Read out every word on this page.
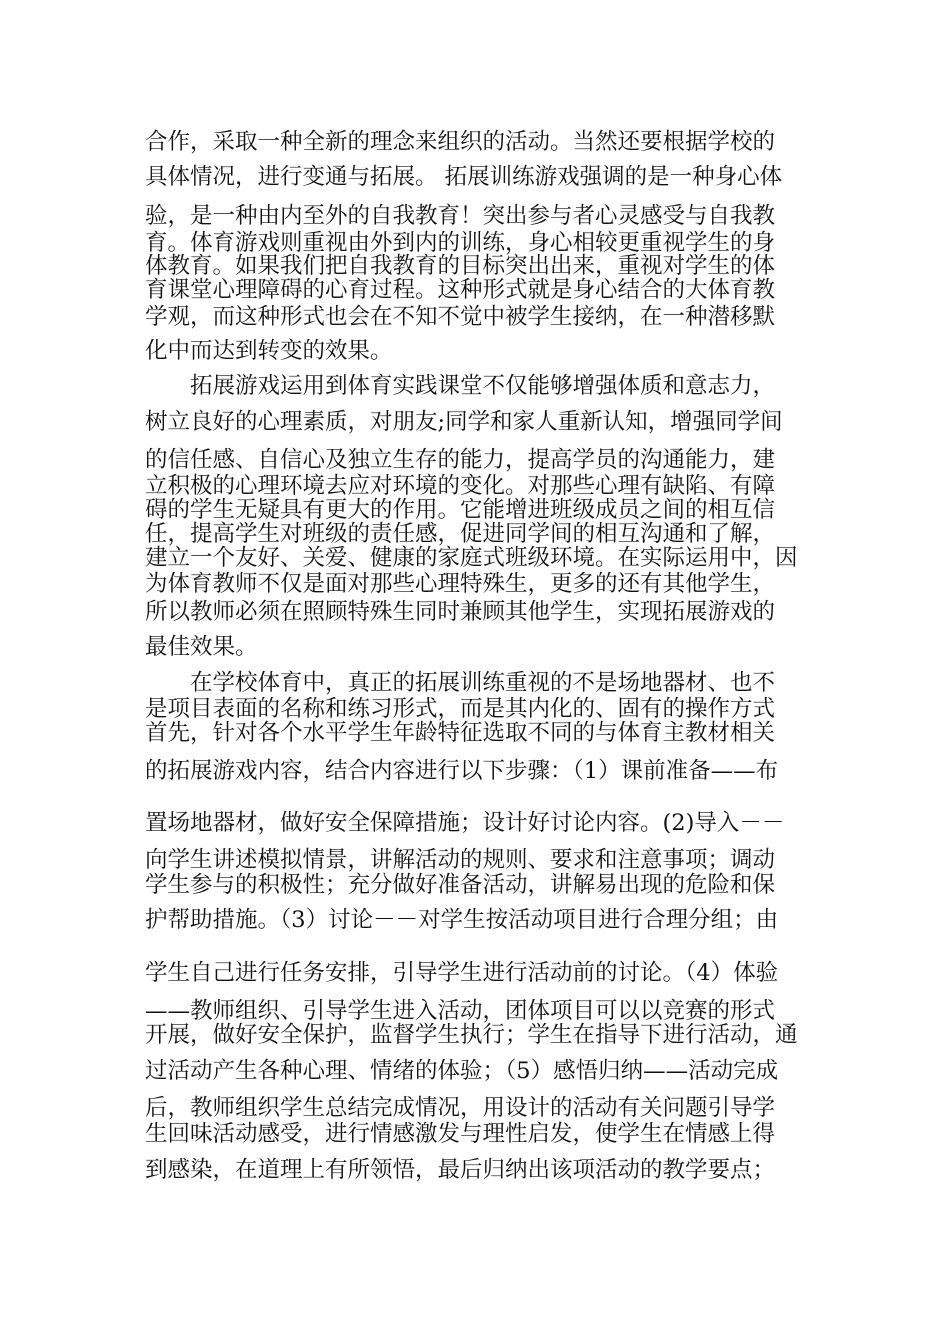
合作，采取一种全新的理念来组织的活动。当然还要根据学校的
具体情况，进行变通与拓展。 拓展训练游戏强调的是一种身心体
验，是一种由内至外的自我教育！突出参与者心灵感受与自我教
育。体育游戏则重视由外到内的训练，身心相较更重视学生的身
体教育。如果我们把自我教育的目标突出出来，重视对学生的体
育课堂心理障碍的心育过程。这种形式就是身心结合的大体育教
学观，而这种形式也会在不知不觉中被学生接纳，在一种潜移默
化中而达到转变的效果。
　　拓展游戏运用到体育实践课堂不仅能够增强体质和意志力，
树立良好的心理素质，对朋友;同学和家人重新认知，增强同学间
的信任感、自信心及独立生存的能力，提高学员的沟通能力，建
立积极的心理环境去应对环境的变化。对那些心理有缺陷、有障
碍的学生无疑具有更大的作用。它能增进班级成员之间的相互信
任，提高学生对班级的责任感，促进同学间的相互沟通和了解，
建立一个友好、关爱、健康的家庭式班级环境。在实际运用中，因
为体育教师不仅是面对那些心理特殊生，更多的还有其他学生，
所以教师必须在照顾特殊生同时兼顾其他学生，实现拓展游戏的
最佳效果。
　　在学校体育中，真正的拓展训练重视的不是场地器材、也不
是项目表面的名称和练习形式，而是其内化的、固有的操作方式
首先，针对各个水平学生年龄特征选取不同的与体育主教材相关
的拓展游戏内容，结合内容进行以下步骤：（1）课前准备——布
置场地器材，做好安全保障措施；设计好讨论内容。(2)导入－－
向学生讲述模拟情景，讲解活动的规则、要求和注意事项；调动
学生参与的积极性；充分做好准备活动，讲解易出现的危险和保
护帮助措施。（3）讨论－－对学生按活动项目进行合理分组；由
学生自己进行任务安排，引导学生进行活动前的讨论。（4）体验
——教师组织、引导学生进入活动，团体项目可以以竞赛的形式
开展，做好安全保护，监督学生执行；学生在指导下进行活动，通
过活动产生各种心理、情绪的体验；（5）感悟归纳——活动完成
后，教师组织学生总结完成情况，用设计的活动有关问题引导学
生回味活动感受，进行情感激发与理性启发，使学生在情感上得
到感染，在道理上有所领悟，最后归纳出该项活动的教学要点；
